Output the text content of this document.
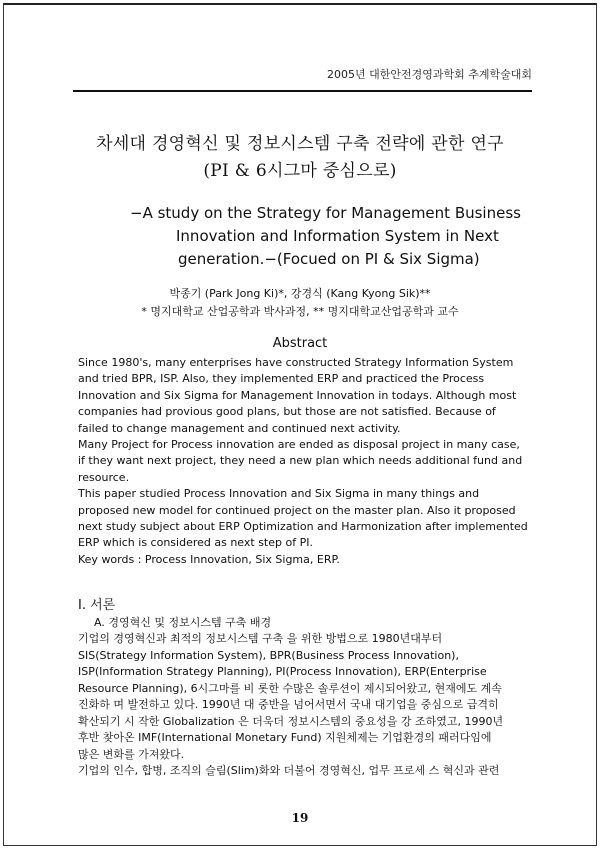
2005년 대한안전경영과학회 추계학술대회
차세대 경영혁신 및 정보시스템 구축 전략에 관한 연구
(PI & 6시그마 중심으로)
−A study on the Strategy for Management Business
Innovation and Information System in Next
generation.−(Focued on PI & Six Sigma)
박종기 (Park Jong Ki)*, 강경식 (Kang Kyong Sik)**
* 명지대학교 산업공학과 박사과정, ** 명지대학교산업공학과 교수
Abstract
Since 1980's, many enterprises have constructed Strategy Information System
and tried BPR, ISP. Also, they implemented ERP and practiced the Process
Innovation and Six Sigma for Management Innovation in todays. Although most
companies had provious good plans, but those are not satisfied. Because of
failed to change management and continued next activity.
Many Project for Process innovation are ended as disposal project in many case,
if they want next project, they need a new plan which needs additional fund and
resource.
This paper studied Process Innovation and Six Sigma in many things and
proposed new model for continued project on the master plan. Also it proposed
next study subject about ERP Optimization and Harmonization after implemented
ERP which is considered as next step of PI.
Key words : Process Innovation, Six Sigma, ERP.
I. 서론
A. 경영혁신 및 정보시스템 구축 배경
기업의 경영혁신과 최적의 정보시스템 구축 을 위한 방법으로 1980년대부터
SIS(Strategy Information System), BPR(Business Process Innovation),
ISP(Information Strategy Planning), PI(Process Innovation), ERP(Enterprise
Resource Planning), 6시그마를 비 롯한 수많은 솔루션이 제시되어왔고, 현재에도 계속
진화하 며 발전하고 있다. 1990년 대 중반을 넘어서면서 국내 대기업을 중심으로 급격히
확산되기 시 작한 Globalization 은 더욱더 정보시스템의 중요성을 강 조하였고, 1990년
후반 찾아온 IMF(International Monetary Fund) 지원체제는 기업환경의 패러다임에
많은 변화를 가져왔다.
기업의 인수, 합병, 조직의 슬림(Slim)화와 더불어 경영혁신, 업무 프로세 스 혁신과 관련
19
